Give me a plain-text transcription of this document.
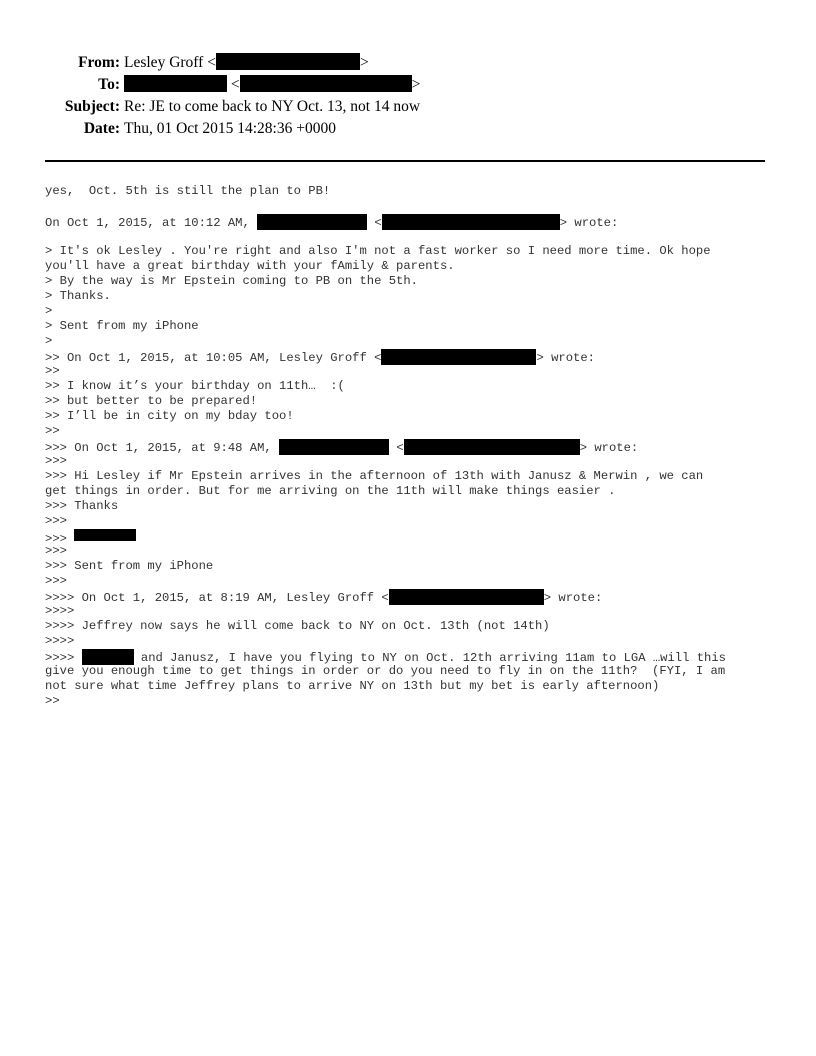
From: Lesley Groff <	>
To:	<	>
Subject: Re: JE to come back to NY Oct. 13, not 14 now
Date: Thu, 01 Oct 2015 14:28:36 +0000
yes,  Oct. 5th is still the plan to PB!
On Oct 1, 2015, at 10:12 AM,	<	> wrote:
> It's ok Lesley . You're right and also I'm not a fast worker so I need more time. Ok hope
you'll have a great birthday with your fAmily & parents.
> By the way is Mr Epstein coming to PB on the 5th.
> Thanks.
>
> Sent from my iPhone
>
>> On Oct 1, 2015, at 10:05 AM, Lesley Groff <	> wrote:
>>
>> I know it’s your birthday on 11th…  :(
>> but better to be prepared!
>> I’ll be in city on my bday too!
>>
>>> On Oct 1, 2015, at 9:48 AM,	<	> wrote:
>>>
>>> Hi Lesley if Mr Epstein arrives in the afternoon of 13th with Janusz & Merwin , we can
get things in order. But for me arriving on the 11th will make things easier .
>>> Thanks
>>>
>>>
>>>
>>> Sent from my iPhone
>>>
>>>> On Oct 1, 2015, at 8:19 AM, Lesley Groff <	> wrote:
>>>>
>>>> Jeffrey now says he will come back to NY on Oct. 13th (not 14th)
>>>>
>>>>	and Janusz, I have you flying to NY on Oct. 12th arriving 11am to LGA …will this
give you enough time to get things in order or do you need to fly in on the 11th?  (FYI, I am
not sure what time Jeffrey plans to arrive NY on 13th but my bet is early afternoon)
>>
